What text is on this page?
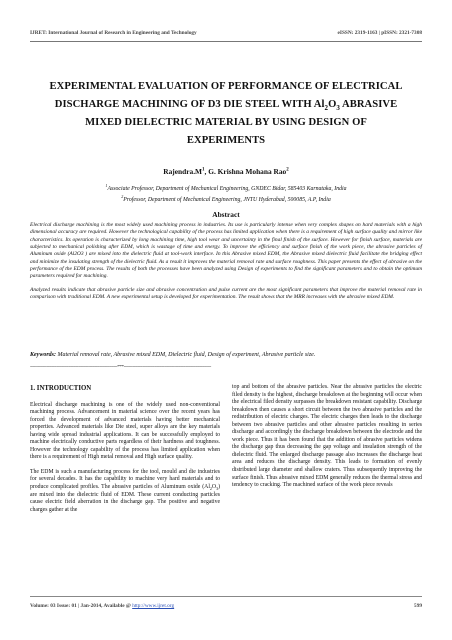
IJRET: International Journal of Research in Engineering and Technology	eISSN: 2319-1163 | pISSN: 2321-7308
EXPERIMENTAL EVALUATION OF PERFORMANCE OF ELECTRICAL
DISCHARGE MACHINING OF D3 DIE STEEL WITH $Al_2O_3$ ABRASIVE
MIXED DIELECTRIC MATERIAL BY USING DESIGN OF
EXPERIMENTS
$Rajendra.M^1$, G. Krishna Mohana Rao$^2$
$^1$Associate Professor, Department of Mechanical Engineering, GNDEC Bidar, 585403 Karnataka, India
$^2$Professor, Department of Mechanical Engineering, JNTU Hyderabad, 500085, A.P, India
Abstract

Electrical discharge machining is the most widely used machining process in industries. Its use is particularly intense when very complex shapes on hard materials with a high dimensional accuracy are required. However the technological capability of the process has limited application when there is a requirement of high surface quality and mirror like characteristics. Its operation is characterized by long machining time, high tool wear and uncertainty in the final finish of the surface. However for finish surface, materials are subjected to mechanical polishing after EDM, which is wastage of time and energy. To improve the efficiency and surface finish of the work piece, the abrasive particles of Aluminum oxide (Al2O3 ) are mixed into the dielectric fluid at tool-work interface. In this Abrasive mixed EDM, the Abrasive mixed dielectric fluid facilitate the bridging effect and minimize the insulating strength of the dielectric fluid. As a result it improves the material removal rate and surface roughness. This paper presents the effect of abrasive on the performance of the EDM process. The results of both the processes have been analyzed using Design of experiments to find the significant parameters and to obtain the optimum parameters required for machining.

Analyzed results indicate that abrasive particle size and abrasive concentration and pulse current are the most significant parameters that improve the material removal rate in comparison with traditional EDM. A new experimental setup is developed for experimentation. The result shows that the MRR increases with the abrasive mixed EDM.

Keywords: Material removal rate, Abrasive mixed EDM, Dielectric fluid, Design of experiment, Abrasive particle size.
---------------------------------------------------------------------***---------------------------------------------------------------------
1. INTRODUCTION

Electrical discharge machining is one of the widely used non-conventional machining process. Advancement in material science over the recent years has forced the development of advanced materials having better mechanical properties. Advanced materials like Die steel, super alloys are the key materials having wide spread industrial applications. It can be successfully employed to machine electrically conductive parts regardless of their hardness and toughness. However the technology capability of the process has limited application when there is a requirement of High metal removal and High surface quality.

The EDM is such a manufacturing process for the tool, mould and die industries for several decades. It has the capability to machine very hard materials and to produce complicated profiles. The abrasive particles of Aluminum oxide $(Al_2O_3)$ are mixed into the dielectric fluid of EDM. These current conducting particles cause electric field aberration in the discharge gap. The positive and negative charges gather at the

top and bottom of the abrasive particles. Near the abrasive particles the electric filed density is the highest, discharge breakdown at the beginning will occur when the electrical filed density surpasses the breakdown resistant capability. Discharge breakdown then causes a short circuit between the two abrasive particles and the redistribution of electric charges. The electric charges then leads to the discharge between two abrasive particles and other abrasive particles resulting in series discharge and accordingly the discharge breakdown between the electrode and the work piece. Thus it has been found that the addition of abrasive particles widens the discharge gap thus decreasing the gap voltage and insulation strength of the dielectric fluid. The enlarged discharge passage also increases the discharge heat area and reduces the discharge density. This leads to formation of evenly distributed large diameter and shallow craters. Thus subsequently improving the surface finish. Thus abrasive mixed EDM generally reduces the thermal stress and tendency to cracking. The machined surface of the work piece reveals

Volume: 03 Issue: 01 | Jan-2014, Available @ http://www.ijret.org	599
